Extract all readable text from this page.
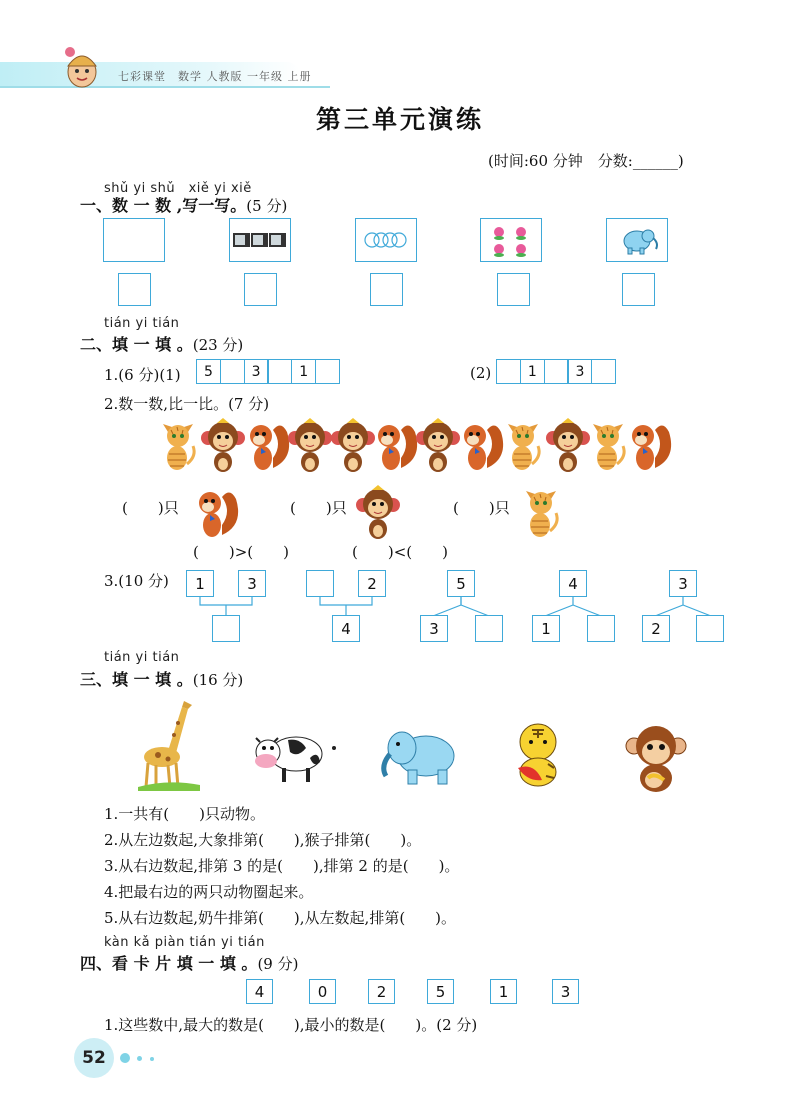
七彩课堂　数学 人教版 一年级 上册
第三单元演练
(时间:60 分钟　分数:______)
shǔ yi shǔ　xiě yi xiě
一、数 一 数 ,写一写。(5 分)
tián yi tián
二、填 一 填 。(23 分)
1.(6 分)(1)	5	3	1	(2)	1	3
2.数一数,比一比。(7 分)
(　　)只	(　　)只	(　　)只
(　　)>(　　)	(　　)<(　　)
3.(10 分)	1	3	2
4
5
3
4
1
3
2
tián yi tián
三、填 一 填 。(16 分)
1.一共有(　　)只动物。
2.从左边数起,大象排第(　　),猴子排第(　　)。
3.从右边数起,排第 3 的是(　　),排第 2 的是(　　)。
4.把最右边的两只动物圈起来。
5.从右边数起,奶牛排第(　　),从左数起,排第(　　)。
kàn kǎ piàn tián yi tián
四、看 卡 片 填 一 填 。(9 分)
4	0	2	5	1	3
1.这些数中,最大的数是(　　),最小的数是(　　)。(2 分)
52
